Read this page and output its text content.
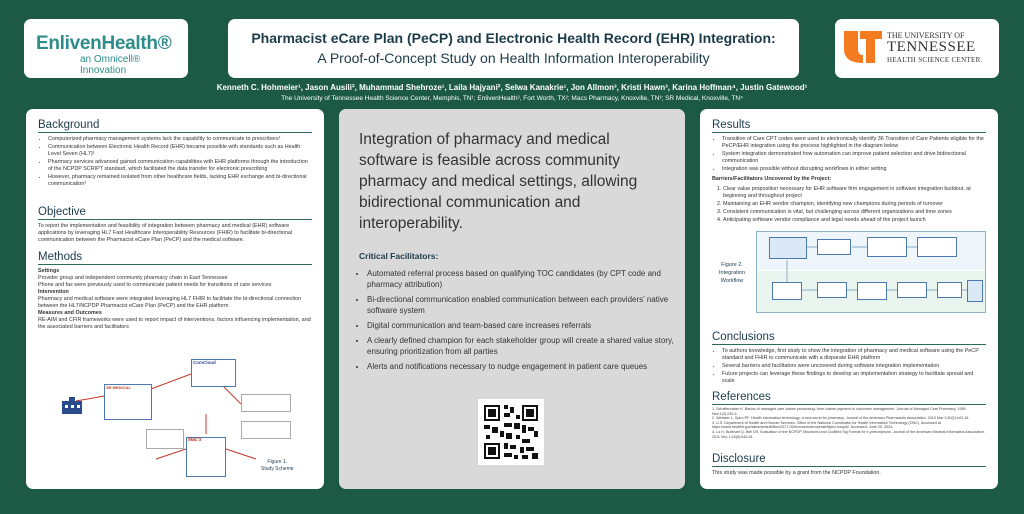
EnlivenHealth®
an Omnicell® Innovation
Pharmacist eCare Plan (PeCP) and Electronic Health Record (EHR) Integration:
A Proof-of-Concept Study on Health Information Interoperability
THE UNIVERSITY OF
TENNESSEE
HEALTH SCIENCE CENTER.
Kenneth C. Hohmeier¹, Jason Ausili², Muhammad Shehroze¹, Laila Hajyani², Selwa Kanakrie¹, Jon Allmon³, Kristi Hawn³, Karina Hoffman⁴, Justin Gatewood¹
The University of Tennessee Health Science Center, Memphis, TN¹; EnlivenHealth², Fort Worth, TX²; Macs Pharmacy, Knoxville, TN³; SR Medical, Knoxville, TN⁴
Background
• Computerized pharmacy management systems lack the capability to communicate to prescribers¹
• Communication between Electronic Health Record (EHR) became possible with standards such as Health Level Seven (HL7)²
• Pharmacy services advanced gained communication capabilities with EHR platforms through the introduction of the NCPDP SCRIPT standard, which facilitated the data transfer for electronic prescribing
• However, pharmacy remained isolated from other healthcare fields, lacking EHR exchange and bi-directional communication³
Objective

To report the implementation and feasibility of integration between pharmacy and medical (EHR) software applications by leveraging HL7 Fast Healthcare Interoperability Resources (FHIR) to facilitate bi-directional communication between the Pharmacist eCare Plan (PeCP) and the medical software.

Methods

Settings

Provider group and independent community pharmacy chain in East Tennessee

Phone and fax were previously used to communicate patient needs for transitions of care services

Intervention

Pharmacy and medical software were integrated leveraging HL7 FHIR to facilitate the bi-directional connection between the HL7/NCPDP Pharmacist eCare Plan (PeCP) and the EHR platform

Measures and Outcomes

RE-AIM and CFIR frameworks were used to report impact of interventions, factors influencing implementation, and the associated barriers and facilitators

SR MEDICAL
ComCloud
Mac's
Figure 1.
Study Scheme
Integration of pharmacy and medical software is feasible across community pharmacy and medical settings, allowing bidirectional communication and interoperability.
Critical Facilitators:
• Automated referral process based on qualifying TOC candidates (by CPT code and pharmacy attribution)
• Bi-directional communication enabled communication between each providers' native software system
• Digital communication and team-based care increases referrals
• A clearly defined champion for each stakeholder group will create a shared value story, ensuring prioritization from all parties
• Alerts and notifications necessary to nudge engagement in patient care queues
Results
• Transition of Care CPT codes were used to electronically identify 36 Transition of Care Patients eligible for the PeCP/EHR integration using the process highlighted in the diagram below
• System integration demonstrated how automation can improve patient selection and drive bidirectional communication
• Integration was possible without disrupting workflows in either setting

Barriers/Facilitators Uncovered by the Project:

1. Clear value proposition necessary for EHR software firm engagement in software integration buildout, at beginning and throughout project
2. Maintaining an EHR vendor champion, identifying new champions during periods of turnover
3. Consistent communication is vital, but challenging across different organizations and time zones
4. Anticipating software vendor compliance and legal needs ahead of the project launch
Figure 2. Integration Workflow
Conclusions
• To authors knowledge, first study to show the integration of pharmacy and medical software using the PeCP standard and FHIR to communicate with a disparate EHR platform
• Several barriers and facilitators were uncovered during software integration implementation
• Future projects can leverage these findings to develop an implementation strategy to facilitate spread and scale
References
1. Schaffenrader K. Basics of managed care claims processing: from claims payment to outcomes management. Journal of Managed Care Pharmacy. 1995 Nov;1(3):230-5.
2. Webster L, Spiro RF. Health information technology: a new world for pharmacy. Journal of the American Pharmacists Association. 2010 Mar 1;50(2):e20-34.
3. U.S. Department of Health and Human Services. Office of the National Coordinator for Health Information Technology (ONC). Accessed at https://www.healthit.gov/sites/default/files/2017-09/ehrvsecinteroperabilityfor-hospit2. Accessed: June 29, 2024.
4. Lo H, Burkhart Q, Bell DS. Evaluation of the NCPDP Structured and Codified Sig Format for e-prescriptions. Journal of the American Medical Informatics Association. 2011 Sep 1;18(5):645-51.
Disclosure

This study was made possible by a grant from the NCPDP Foundation.
